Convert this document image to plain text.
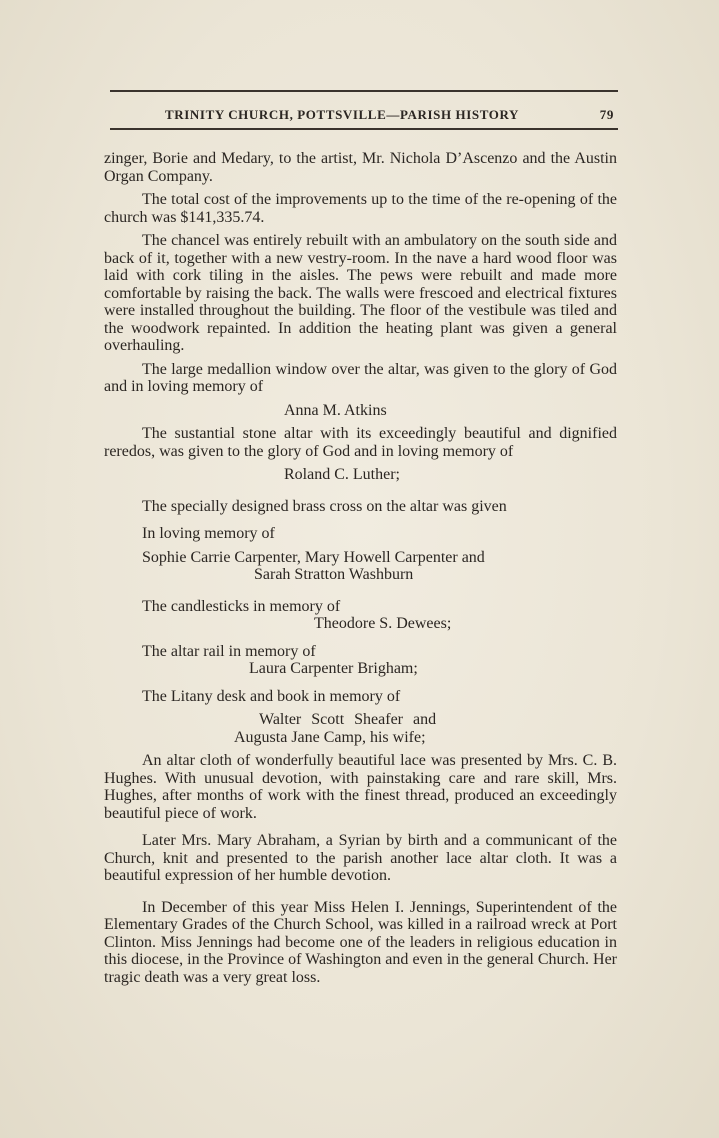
TRINITY CHURCH, POTTSVILLE—PARISH HISTORY	79

zinger, Borie and Medary, to the artist, Mr. Nichola D’Ascenzo and the Austin Organ Company.

The total cost of the improvements up to the time of the re-opening of the church was $141,335.74.

The chancel was entirely rebuilt with an ambulatory on the south side and back of it, together with a new vestry-room. In the nave a hard wood floor was laid with cork tiling in the aisles. The pews were rebuilt and made more comfortable by raising the back. The walls were frescoed and electrical fixtures were installed throughout the building. The floor of the vestibule was tiled and the woodwork repainted. In addition the heating plant was given a general overhauling.

The large medallion window over the altar, was given to the glory of God and in loving memory of

Anna M. Atkins

The sustantial stone altar with its exceedingly beautiful and dignified reredos, was given to the glory of God and in loving memory of

Roland C. Luther;

The specially designed brass cross on the altar was given

In loving memory of

Sophie Carrie Carpenter, Mary Howell Carpenter and

Sarah Stratton Washburn

The candlesticks in memory of

Theodore S. Dewees;

The altar rail in memory of

Laura Carpenter Brigham;

The Litany desk and book in memory of

Walter Scott Sheafer and

Augusta Jane Camp, his wife;

An altar cloth of wonderfully beautiful lace was presented by Mrs. C. B. Hughes. With unusual devotion, with painstaking care and rare skill, Mrs. Hughes, after months of work with the finest thread, produced an exceedingly beautiful piece of work.

Later Mrs. Mary Abraham, a Syrian by birth and a communicant of the Church, knit and presented to the parish another lace altar cloth. It was a beautiful expression of her humble devotion.

In December of this year Miss Helen I. Jennings, Superintendent of the Elementary Grades of the Church School, was killed in a railroad wreck at Port Clinton. Miss Jennings had become one of the leaders in religious education in this diocese, in the Province of Washington and even in the general Church. Her tragic death was a very great loss.
